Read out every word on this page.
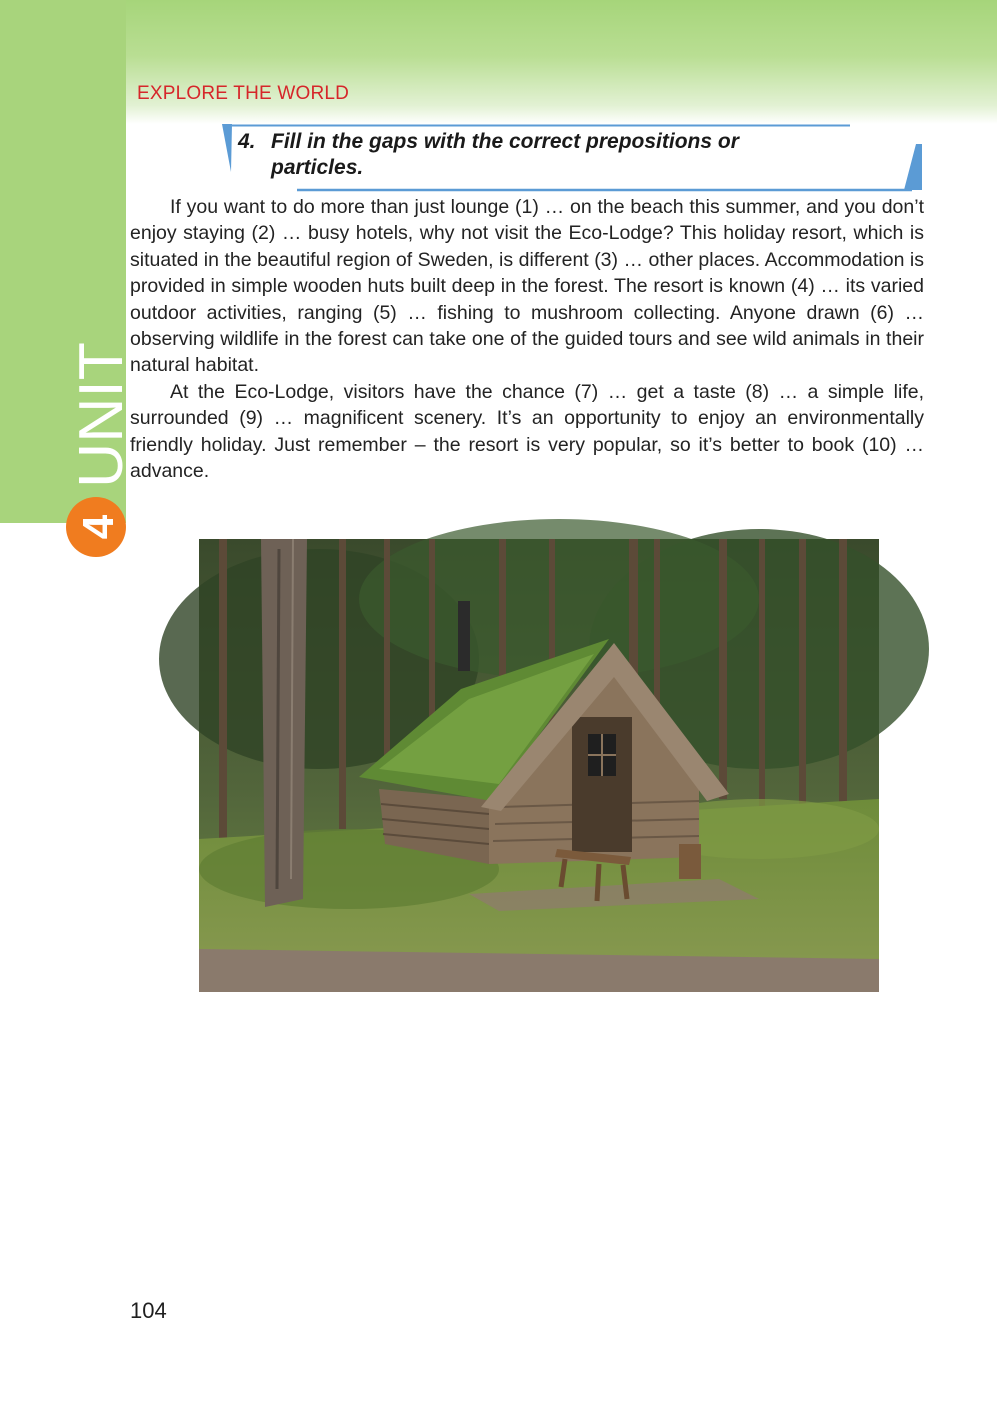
EXPLORE THE WORLD
UNIT
4
4. Fill in the gaps with the correct prepositions or
particles.

If you want to do more than just lounge (1) … on the beach this summer, and you don’t enjoy staying (2) … busy hotels, why not visit the Eco-Lodge? This holiday resort, which is situated in the beautiful region of Sweden, is different (3) … other places. Accommodation is provided in simple wooden huts built deep in the forest. The resort is known (4) … its varied outdoor activities, ranging (5) … fishing to mushroom collecting. Anyone drawn (6) … observing wildlife in the forest can take one of the guided tours and see wild animals in their natural habitat.

At the Eco-Lodge, visitors have the chance (7) … get a taste (8) … a simple life, surrounded (9) … magnificent scenery. It’s an opportunity to enjoy an environmentally friendly holiday. Just remember – the resort is very popular, so it’s better to book (10) … advance.

104
